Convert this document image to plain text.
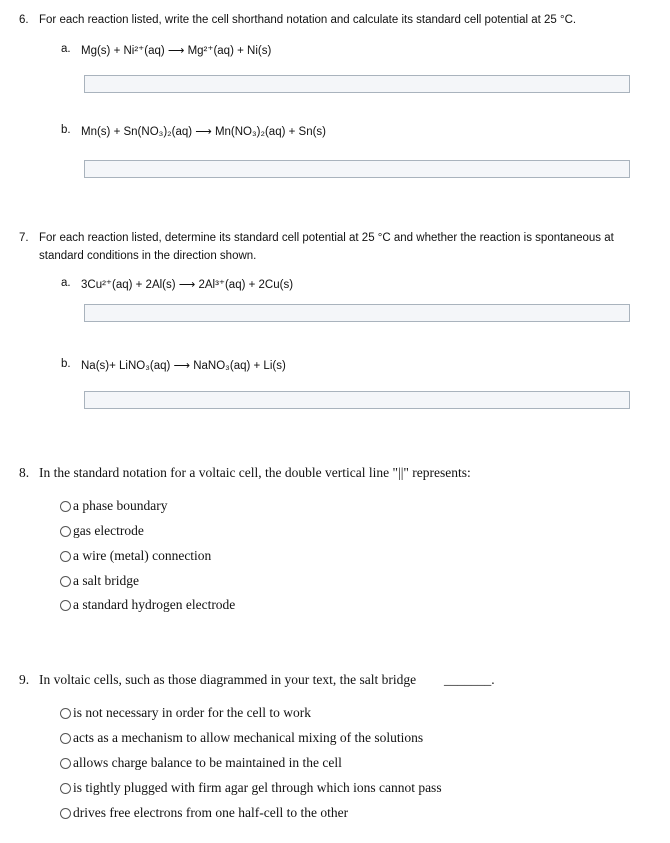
6. For each reaction listed, write the cell shorthand notation and calculate its standard cell potential at 25 °C.
a. Mg(s) + Ni²⁺(aq) ⟶ Mg²⁺(aq) + Ni(s)
b. Mn(s) + Sn(NO₃)₂(aq) ⟶ Mn(NO₃)₂(aq) + Sn(s)
7. For each reaction listed, determine its standard cell potential at 25 °C and whether the reaction is spontaneous at
standard conditions in the direction shown.
a. 3Cu²⁺(aq) + 2Al(s) ⟶ 2Al³⁺(aq) + 2Cu(s)
b. Na(s)+ LiNO₃(aq) ⟶ NaNO₃(aq) + Li(s)
8. In the standard notation for a voltaic cell, the double vertical line "||" represents:
a phase boundary
gas electrode
a wire (metal) connection
a salt bridge
a standard hydrogen electrode
9. In voltaic cells, such as those diagrammed in your text, the salt bridge _______.
is not necessary in order for the cell to work
acts as a mechanism to allow mechanical mixing of the solutions
allows charge balance to be maintained in the cell
is tightly plugged with firm agar gel through which ions cannot pass
drives free electrons from one half-cell to the other
